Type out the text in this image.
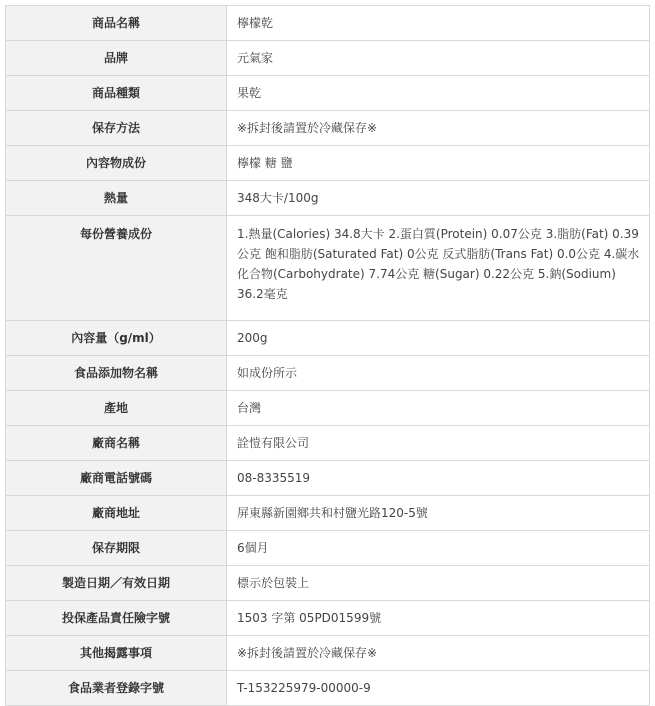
商品名稱	檸檬乾
品牌	元氣家
商品種類	果乾
保存方法	※拆封後請置於冷藏保存※
內容物成份	檸檬 糖 鹽
熱量	348大卡/100g
每份營養成份	1.熱量(Calories) 34.8大卡 2.蛋白質(Protein) 0.07公克 3.脂肪(Fat) 0.39公克 飽和脂肪(Saturated Fat) 0公克 反式脂肪(Trans Fat) 0.0公克 4.碳水化合物(Carbohydrate) 7.74公克 糖(Sugar) 0.22公克 5.鈉(Sodium) 36.2毫克
內容量（g/ml）	200g
食品添加物名稱	如成份所示
產地	台灣
廠商名稱	詮愷有限公司
廠商電話號碼	08-8335519
廠商地址	屏東縣新園鄉共和村鹽光路120-5號
保存期限	6個月
製造日期／有效日期	標示於包裝上
投保產品責任險字號	1503 字第 05PD01599號
其他揭露事項	※拆封後請置於冷藏保存※
食品業者登錄字號	T-153225979-00000-9
